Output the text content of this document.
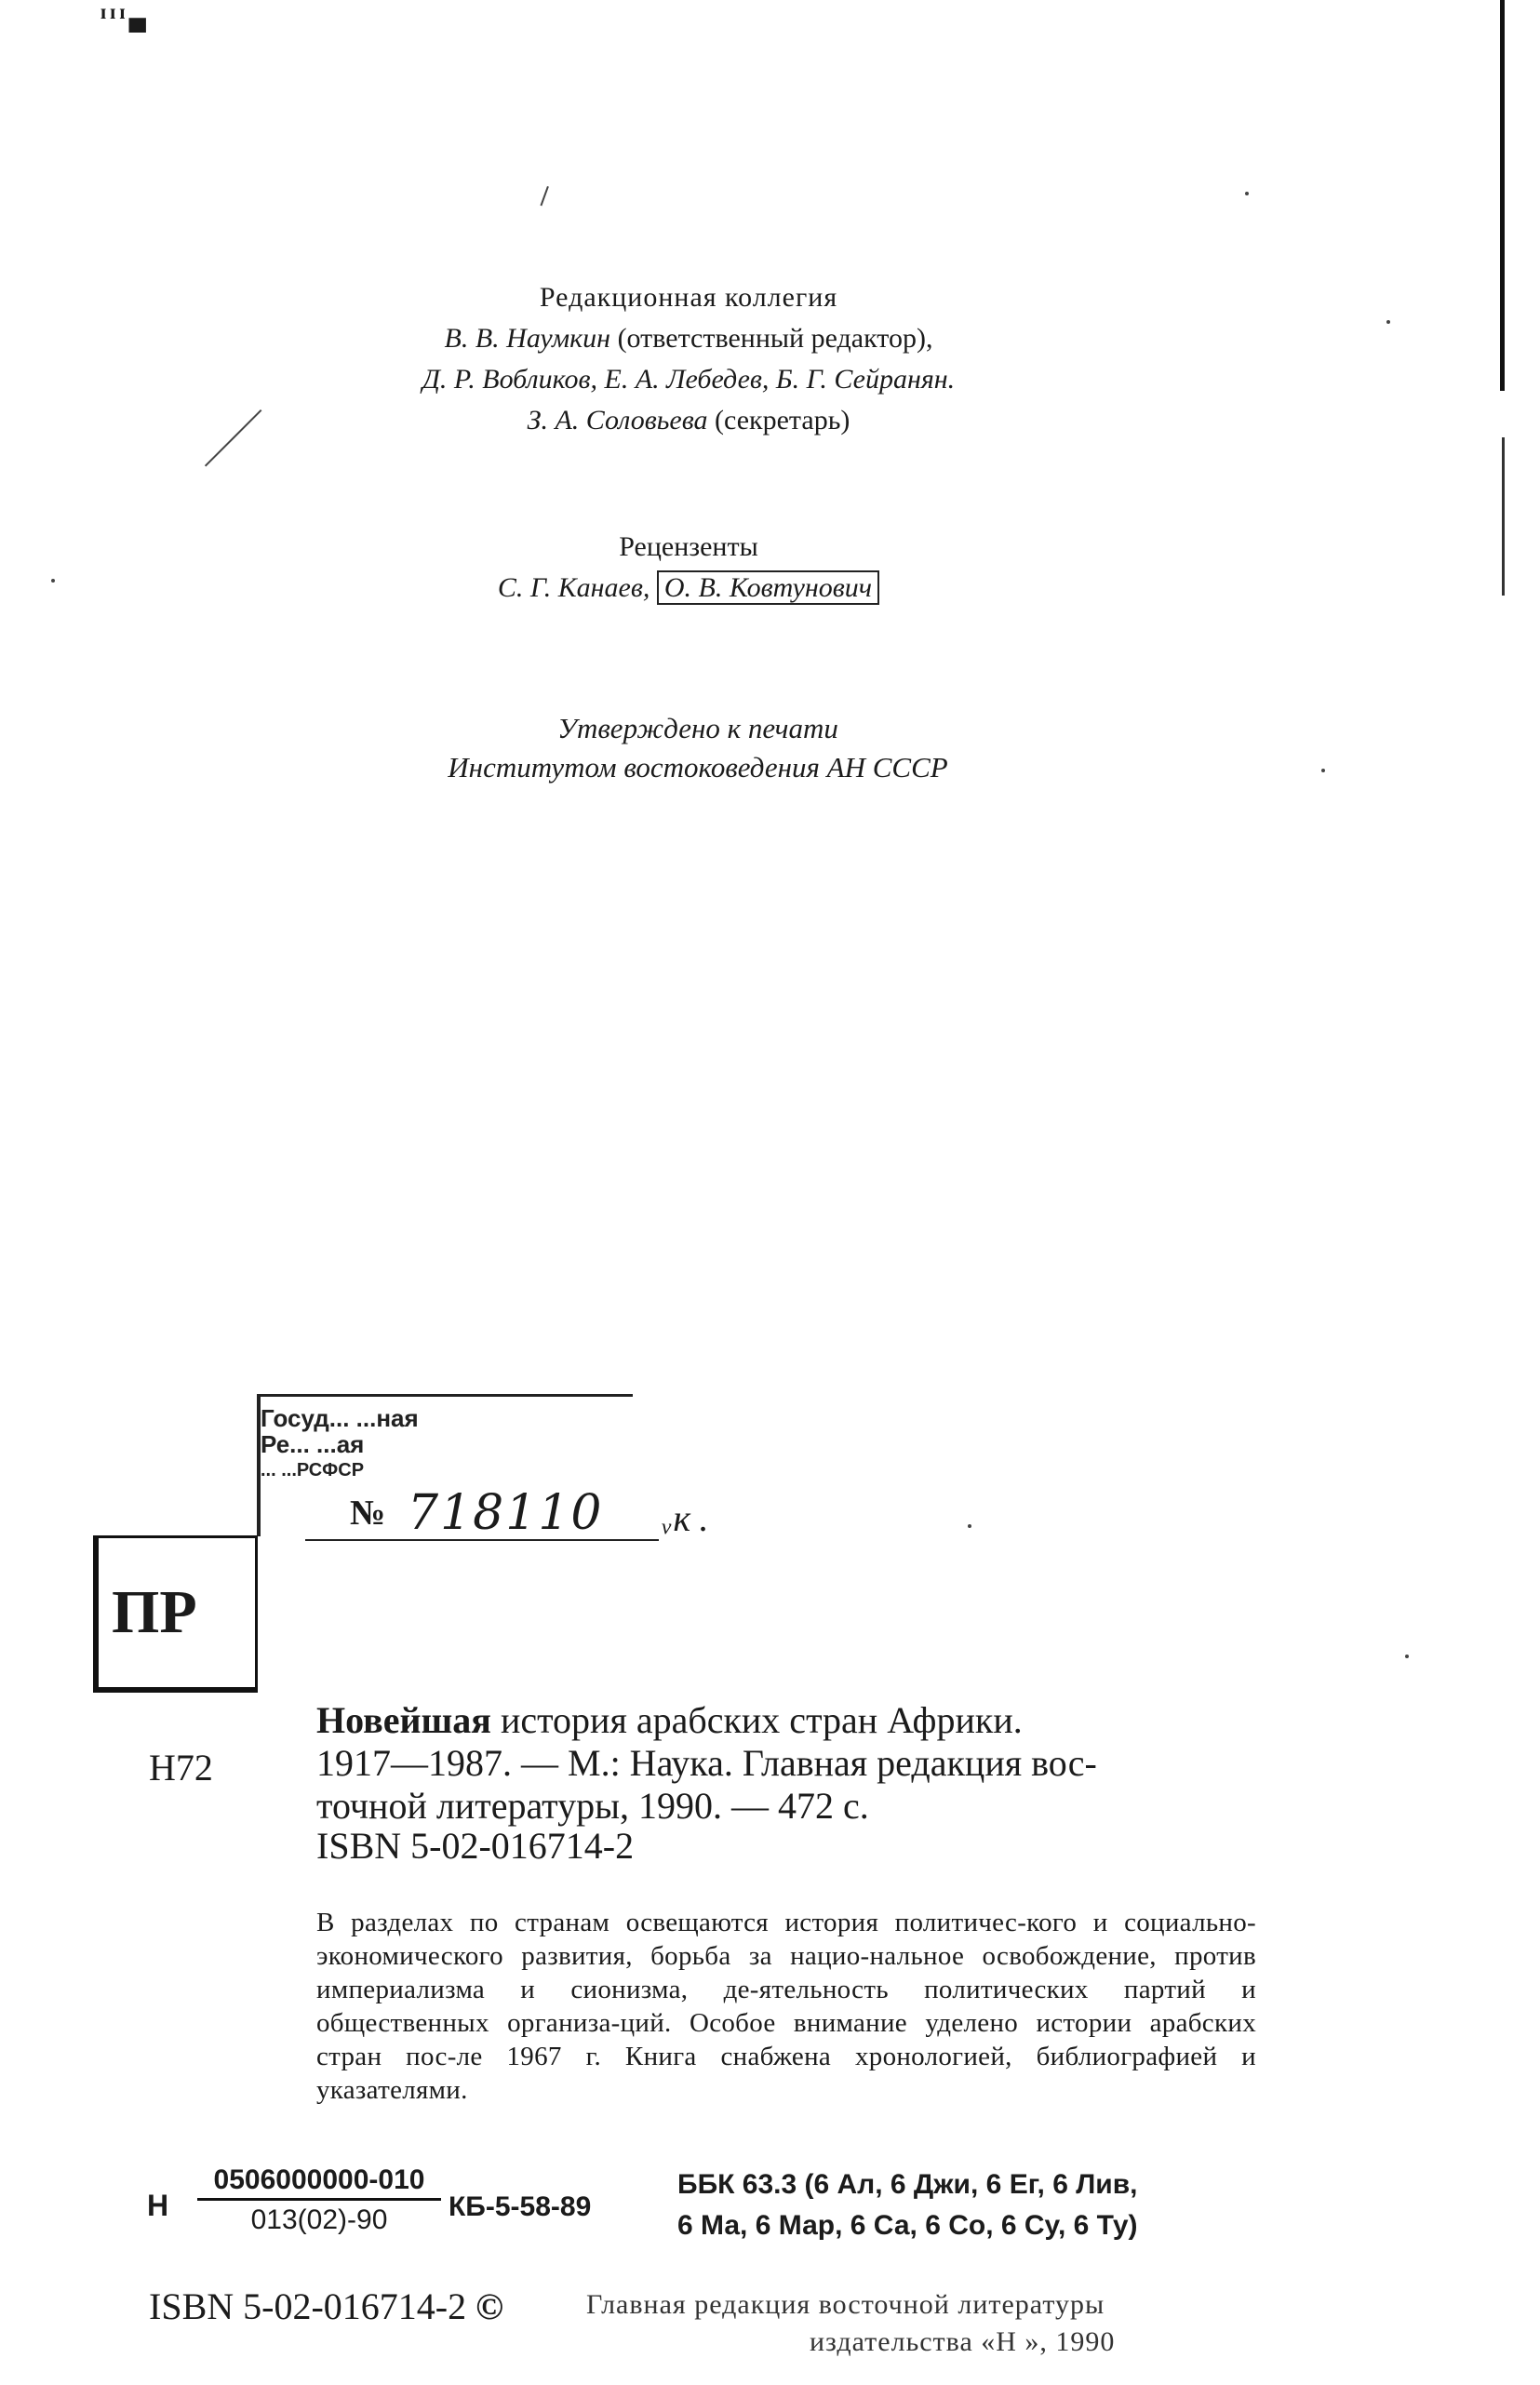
ᴵᴵᴵ▄
Редакционная коллегия
В. В. Наумкин (ответственный редактор),
Д. Р. Вобликов, Е. А. Лебедев, Б. Г. Сейранян.
З. А. Соловьева (секретарь)
Рецензенты
С. Г. Канаев, О. В. Ковтунович
Утверждено к печати
Институтом востоковедения АН СССР
Госуд... ...ная
Ре... ...ая
... ...РСФСР
№ 718110 ᵥᴋ .
ПР
Новейшая история арабских стран Африки.
1917—1987. — М.: Наука. Главная редакция вос-
точной литературы, 1990. — 472 с.
Н72
ISBN 5-02-016714-2
В разделах по странам освещаются история политичес-кого и социально-экономического развития, борьба за нацио-нальное освобождение, против империализма и сионизма, де-ятельность политических партий и общественных организа-ций. Особое внимание уделено истории арабских стран пос-ле 1967 г. Книга снабжена хронологией, библиографией и указателями.
Н $\frac{0506000000-010}{013(02)-90} КБ-5-58-89$
ББК 63.3 (6 Ал, 6 Джи, 6 Ег, 6 Лив,
6 Ма, 6 Мар, 6 Са, 6 Со, 6 Су, 6 Ту)
ISBN 5-02-016714-2 ©	Главная редакция восточной литературы
издательства «Н », 1990
